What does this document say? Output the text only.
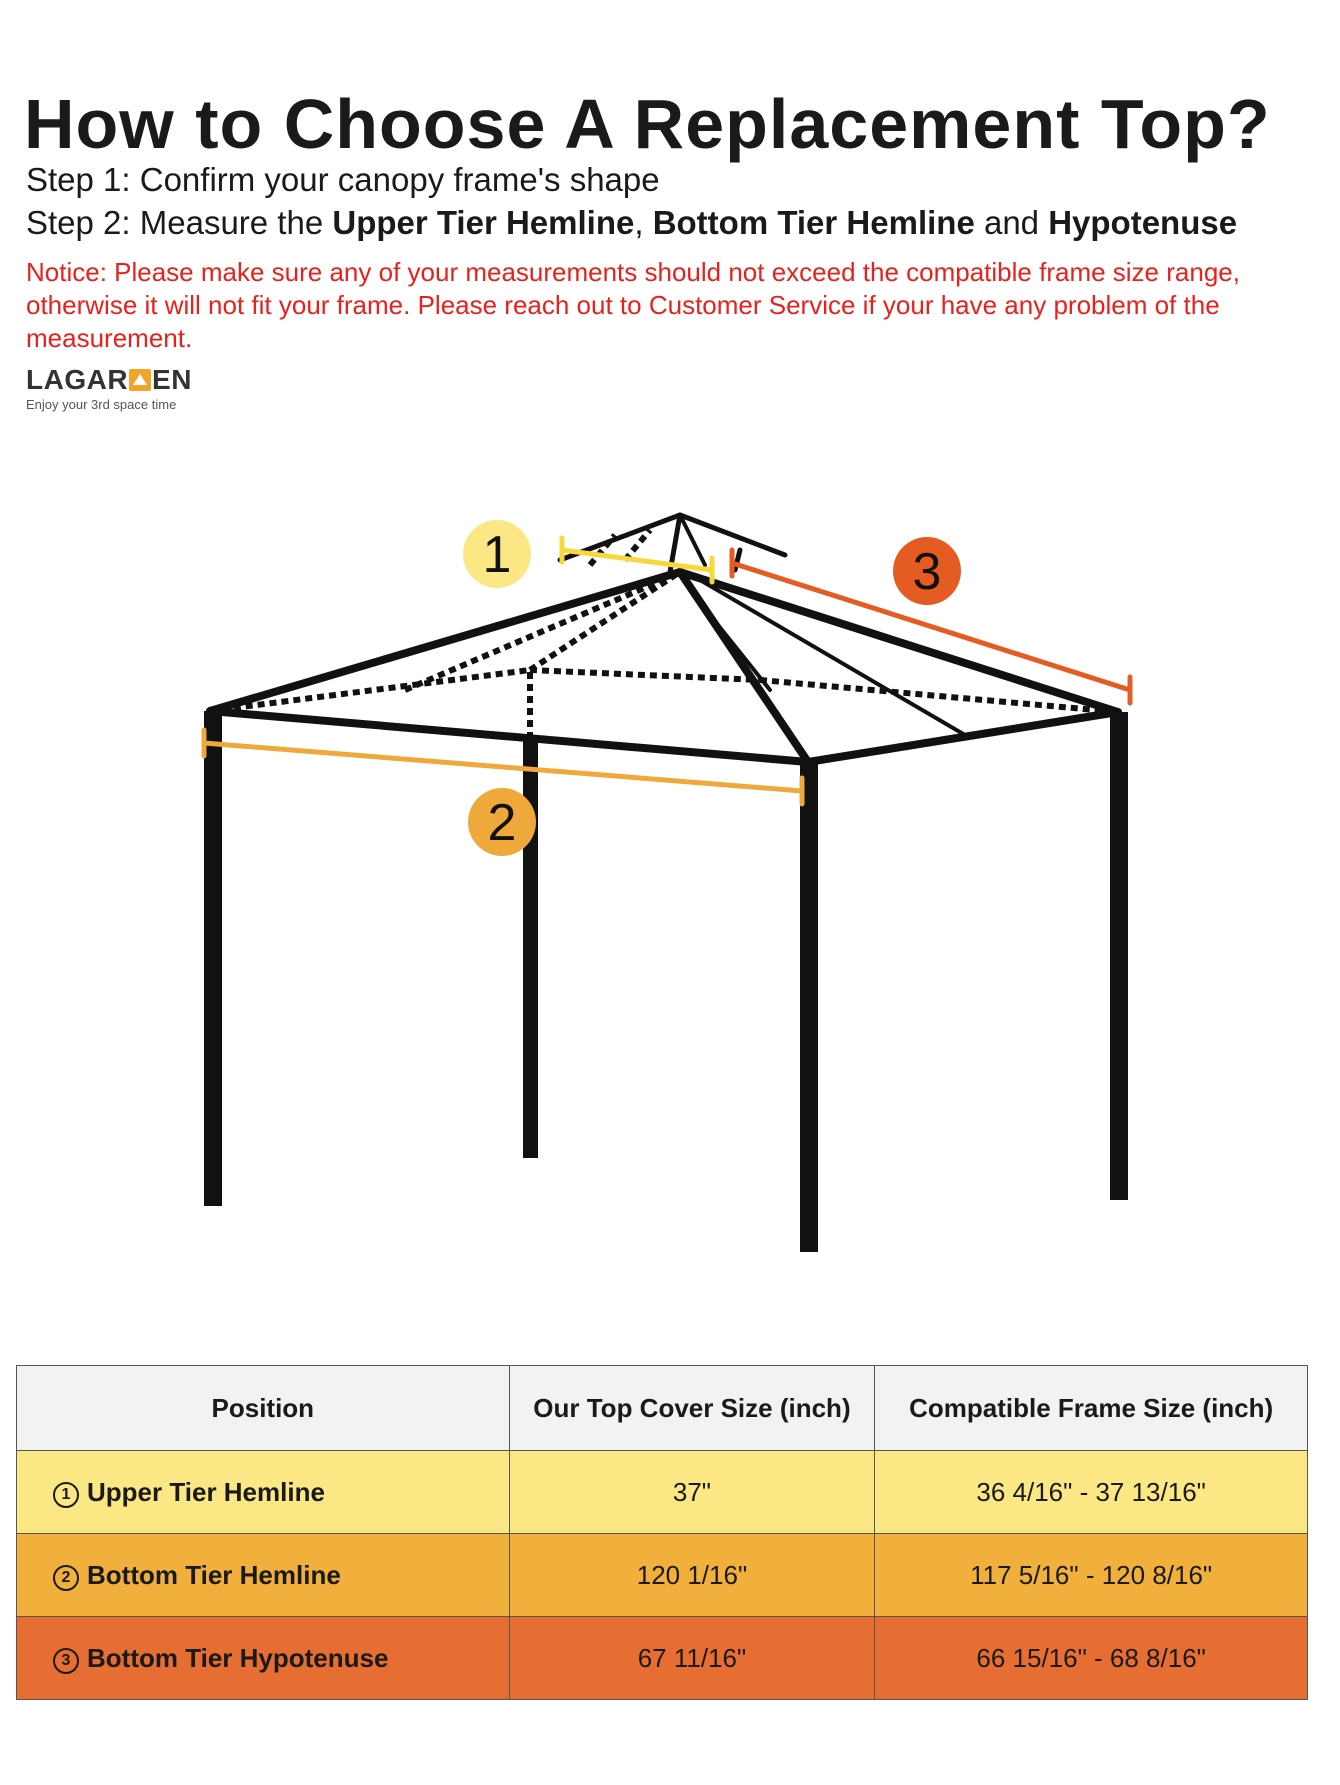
How to Choose A Replacement Top?

Step 1: Confirm your canopy frame's shape

Step 2: Measure the Upper Tier Hemline, Bottom Tier Hemline and Hypotenuse

Notice: Please make sure any of your measurements should not exceed the compatible frame size range, otherwise it will not fit your frame. Please reach out to Customer Service if your have any problem of the measurement.

LAGAR EN
Enjoy your 3rd space time
1
2
3
Position	Our Top Cover Size (inch)	Compatible Frame Size (inch)
1 Upper Tier Hemline	37"	36 4/16" - 37 13/16"
2 Bottom Tier Hemline	120 1/16"	117 5/16" - 120 8/16"
3 Bottom Tier Hypotenuse	67 11/16"	66 15/16" - 68 8/16"
